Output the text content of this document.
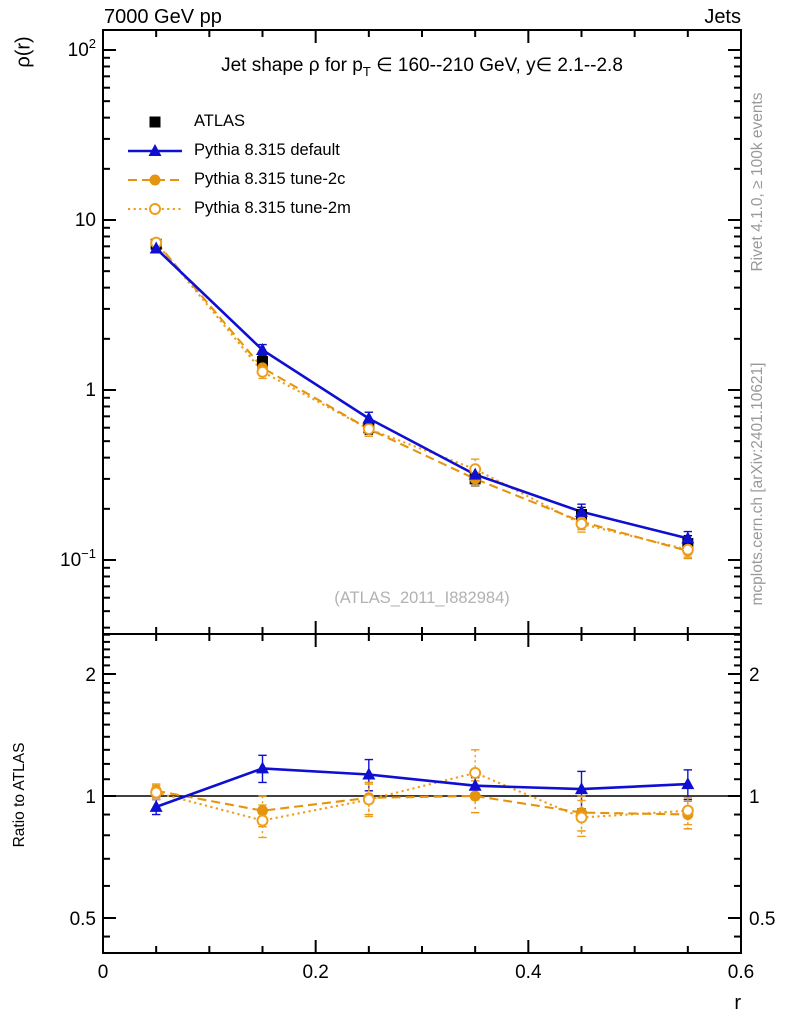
$10^2$
10
1
$10^{-1}$
2	2
1	1
0.5	0.5
0	0.2	0.4	0.6
7000 GeV pp	Jets
Jet shape ρ for $p_T$ ∈ 160--210 GeV, y∈ 2.1--2.8
ρ(r)
Ratio to ATLAS
r
Rivet 4.1.0, ≥ 100k events
mcplots.cern.ch [arXiv:2401.10621]
(ATLAS_2011_I882984)
ATLAS
Pythia 8.315 default
Pythia 8.315 tune-2c
Pythia 8.315 tune-2m
